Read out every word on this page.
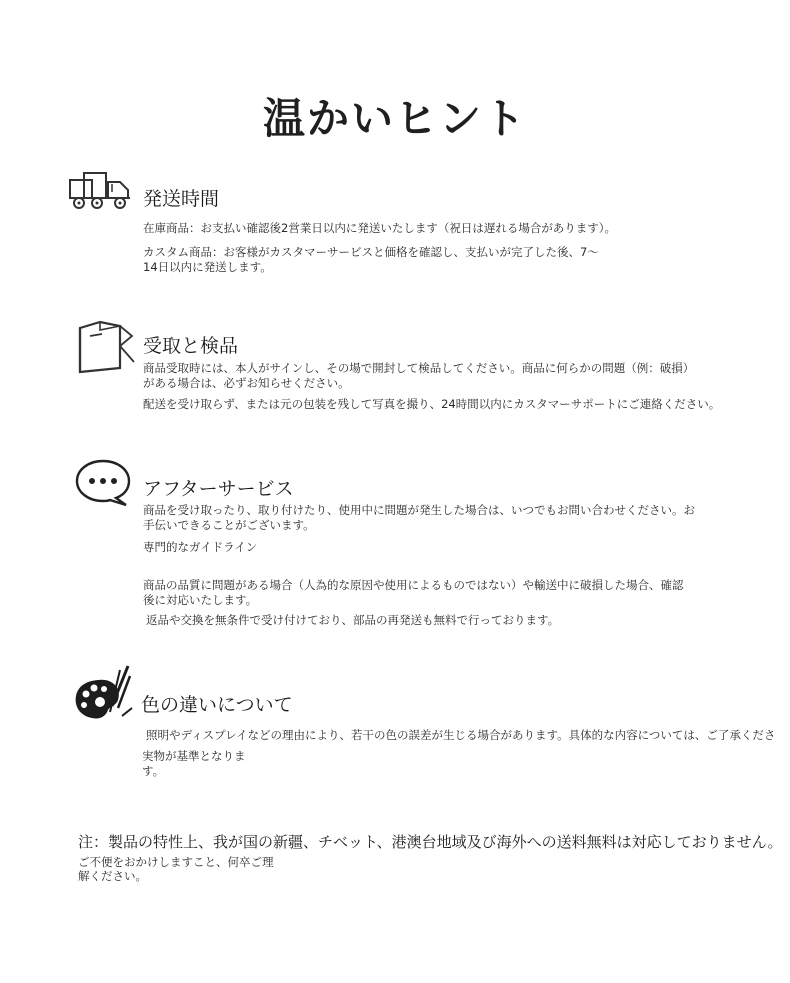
温かいヒント
発送時間
在庫商品：お支払い確認後2営業日以内に発送いたします（祝日は遅れる場合があります）。
カスタム商品：お客様がカスタマーサービスと価格を確認し、支払いが完了した後、7〜
14日以内に発送します。
受取と検品
商品受取時には、本人がサインし、その場で開封して検品してください。商品に何らかの問題（例：破損）
がある場合は、必ずお知らせください。
配送を受け取らず、または元の包装を残して写真を撮り、24時間以内にカスタマーサポートにご連絡ください。
アフターサービス
商品を受け取ったり、取り付けたり、使用中に問題が発生した場合は、いつでもお問い合わせください。お
手伝いできることがございます。
専門的なガイドライン
商品の品質に問題がある場合（人為的な原因や使用によるものではない）や輸送中に破損した場合、確認
後に対応いたします。
返品や交換を無条件で受け付けており、部品の再発送も無料で行っております。
色の違いについて
照明やディスプレイなどの理由により、若干の色の誤差が生じる場合があります。具体的な内容については、ご了承くださ
実物が基準となりま
す。
注：製品の特性上、我が国の新疆、チベット、港澳台地域及び海外への送料無料は対応しておりません。
ご不便をおかけしますこと、何卒ご理
解ください。
